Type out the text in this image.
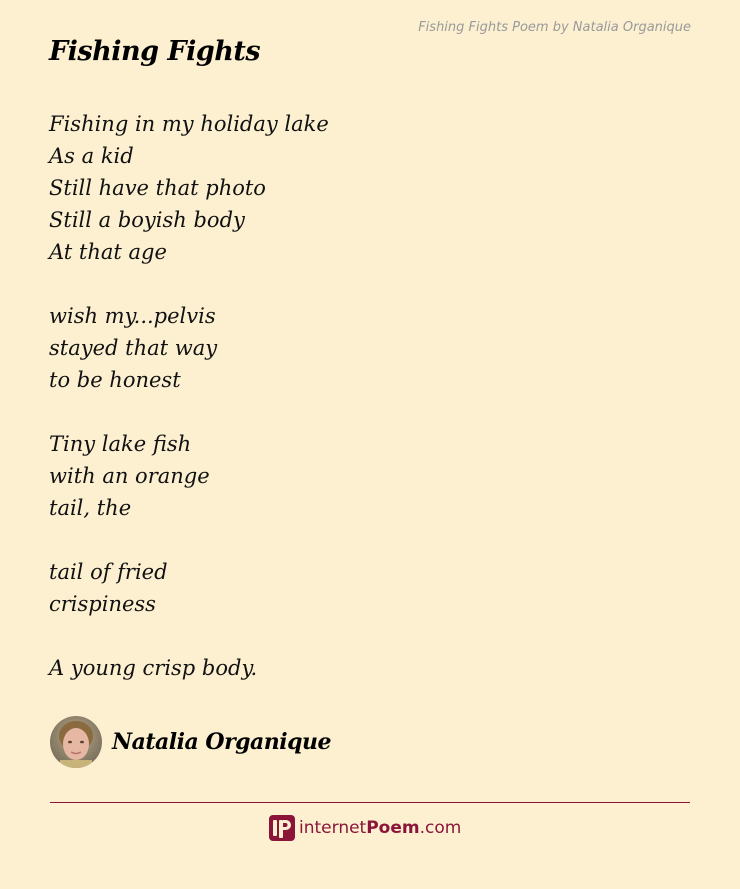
Fishing Fights Poem by Natalia Organique
Fishing Fights
Fishing in my holiday lake
As a kid
Still have that photo
Still a boyish body
At that age
wish my...pelvis
stayed that way
to be honest
Tiny lake fish
with an orange
tail, the
tail of fried
crispiness
A young crisp body.
Natalia Organique
internetPoem.com
